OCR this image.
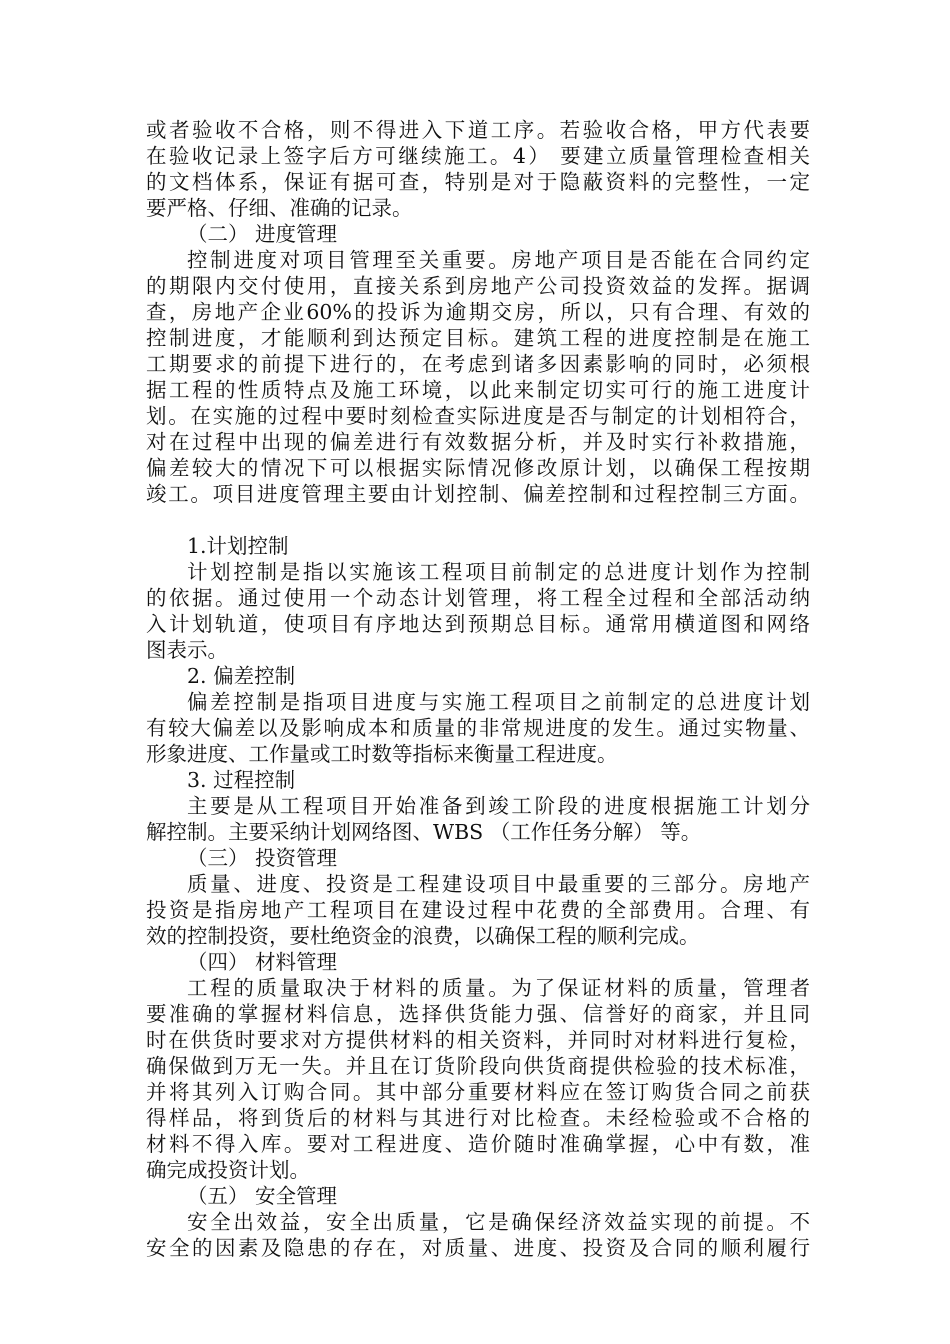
或者验收不合格，则不得进入下道工序。若验收合格，甲方代表要
在验收记录上签字后方可继续施工。4） 要建立质量管理检查相关
的文档体系，保证有据可查，特别是对于隐蔽资料的完整性，一定
要严格、仔细、准确的记录。
（二） 进度管理
控制进度对项目管理至关重要。房地产项目是否能在合同约定
的期限内交付使用，直接关系到房地产公司投资效益的发挥。据调
查，房地产企业60%的投诉为逾期交房，所以，只有合理、有效的
控制进度，才能顺利到达预定目标。建筑工程的进度控制是在施工
工期要求的前提下进行的，在考虑到诸多因素影响的同时，必须根
据工程的性质特点及施工环境，以此来制定切实可行的施工进度计
划。在实施的过程中要时刻检查实际进度是否与制定的计划相符合，
对在过程中出现的偏差进行有效数据分析，并及时实行补救措施，
偏差较大的情况下可以根据实际情况修改原计划，以确保工程按期
竣工。项目进度管理主要由计划控制、偏差控制和过程控制三方面。
1.计划控制
计划控制是指以实施该工程项目前制定的总进度计划作为控制
的依据。通过使用一个动态计划管理，将工程全过程和全部活动纳
入计划轨道，使项目有序地达到预期总目标。通常用横道图和网络
图表示。
2. 偏差控制
偏差控制是指项目进度与实施工程项目之前制定的总进度计划
有较大偏差以及影响成本和质量的非常规进度的发生。通过实物量、
形象进度、工作量或工时数等指标来衡量工程进度。
3. 过程控制
主要是从工程项目开始准备到竣工阶段的进度根据施工计划分
解控制。主要采纳计划网络图、WBS （工作任务分解） 等。
（三） 投资管理
质量、进度、投资是工程建设项目中最重要的三部分。房地产
投资是指房地产工程项目在建设过程中花费的全部费用。合理、有
效的控制投资，要杜绝资金的浪费，以确保工程的顺利完成。
（四） 材料管理
工程的质量取决于材料的质量。为了保证材料的质量，管理者
要准确的掌握材料信息，选择供货能力强、信誉好的商家，并且同
时在供货时要求对方提供材料的相关资料，并同时对材料进行复检，
确保做到万无一失。并且在订货阶段向供货商提供检验的技术标准，
并将其列入订购合同。其中部分重要材料应在签订购货合同之前获
得样品，将到货后的材料与其进行对比检查。未经检验或不合格的
材料不得入库。要对工程进度、造价随时准确掌握，心中有数，准
确完成投资计划。
（五） 安全管理
安全出效益，安全出质量，它是确保经济效益实现的前提。不
安全的因素及隐患的存在，对质量、进度、投资及合同的顺利履行
